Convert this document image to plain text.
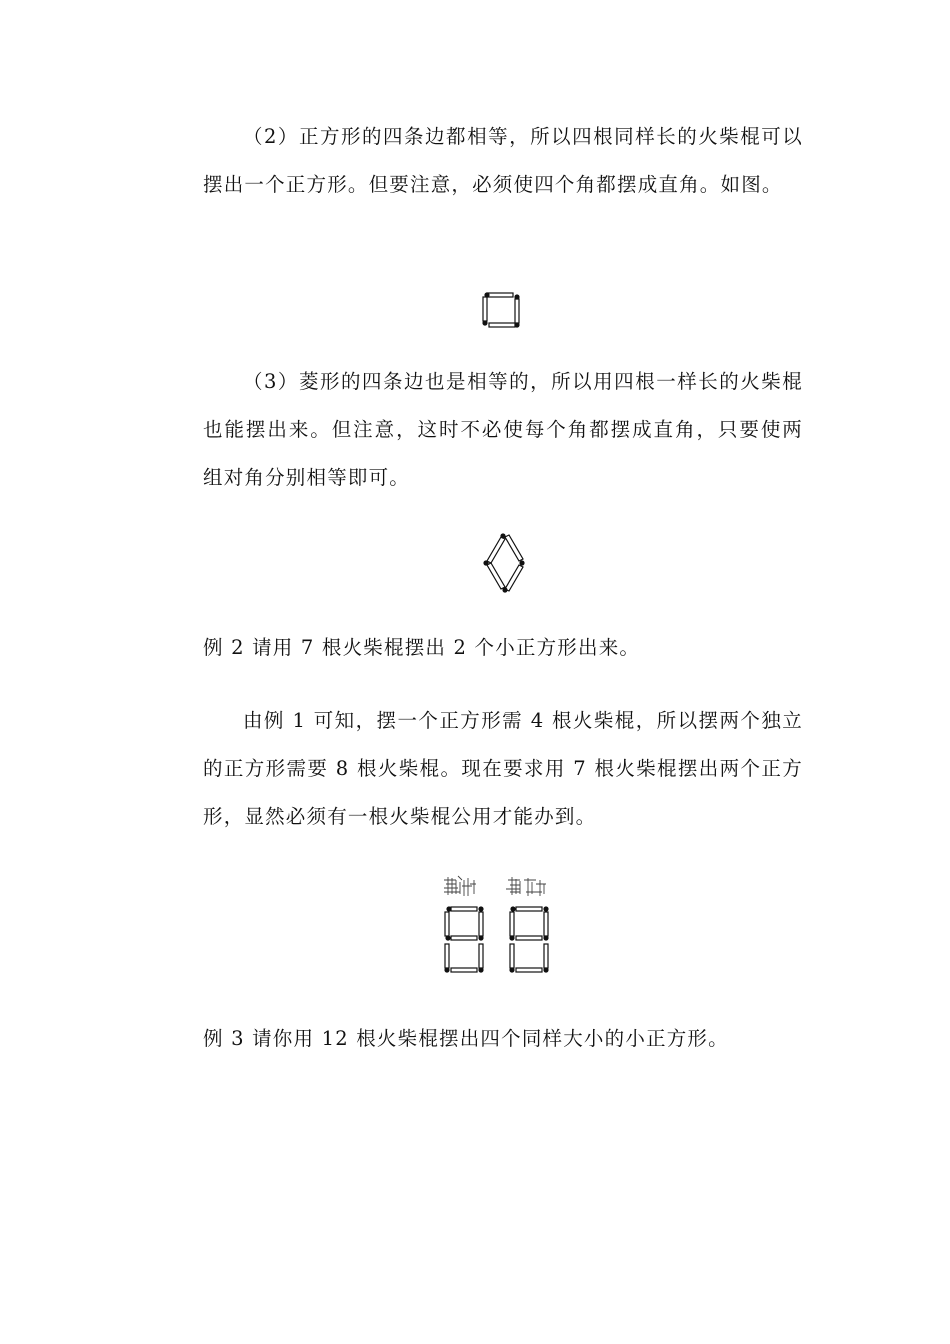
（2）正方形的四条边都相等，所以四根同样长的火柴棍可以摆出一个正方形。但要注意，必须使四个角都摆成直角。如图。

（3）菱形的四条边也是相等的，所以用四根一样长的火柴棍也能摆出来。但注意，这时不必使每个角都摆成直角，只要使两组对角分别相等即可。

例 2 请用 7 根火柴棍摆出 2 个小正方形出来。

由例 1 可知，摆一个正方形需 4 根火柴棍，所以摆两个独立的正方形需要 8 根火柴棍。现在要求用 7 根火柴棍摆出两个正方形，显然必须有一根火柴棍公用才能办到。

例 3 请你用 12 根火柴棍摆出四个同样大小的小正方形。
